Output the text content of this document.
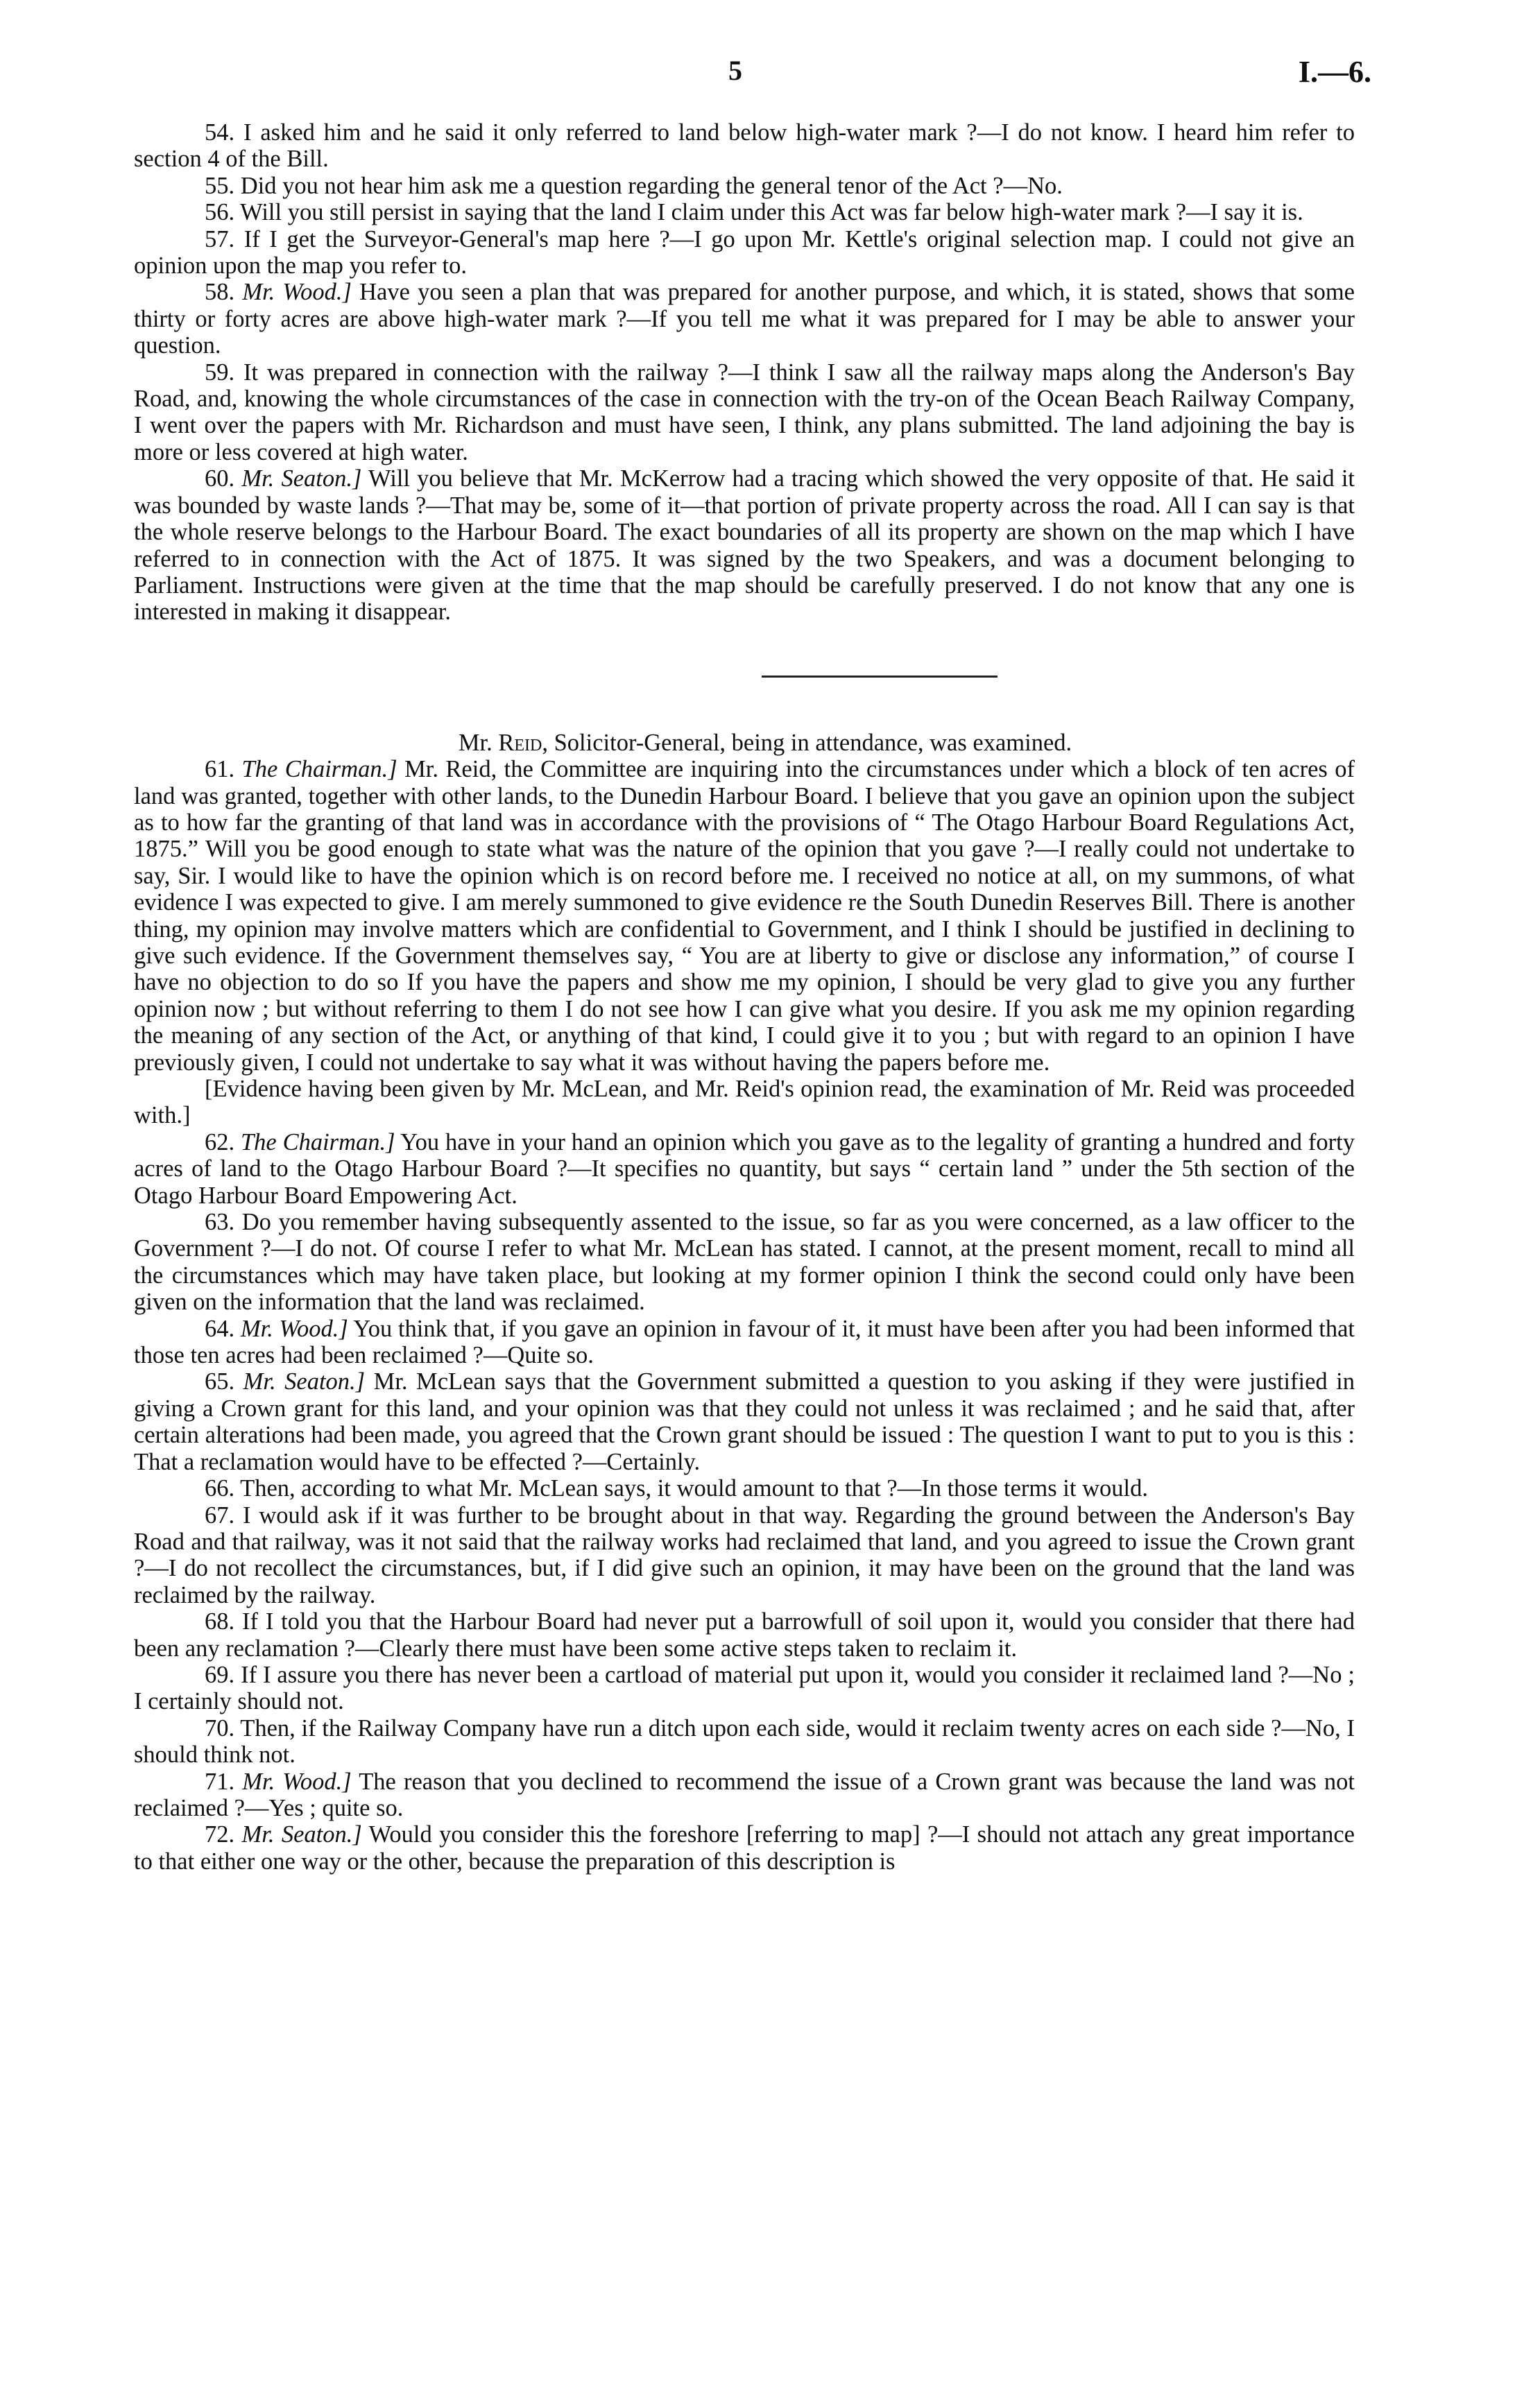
5	I.—6.

54. I asked him and he said it only referred to land below high-water mark ?—I do not know. I heard him refer to section 4 of the Bill.

55. Did you not hear him ask me a question regarding the general tenor of the Act ?—No.

56. Will you still persist in saying that the land I claim under this Act was far below high-water mark ?—I say it is.

57. If I get the Surveyor-General's map here ?—I go upon Mr. Kettle's original selection map. I could not give an opinion upon the map you refer to.

58. Mr. Wood.] Have you seen a plan that was prepared for another purpose, and which, it is stated, shows that some thirty or forty acres are above high-water mark ?—If you tell me what it was prepared for I may be able to answer your question.

59. It was prepared in connection with the railway ?—I think I saw all the railway maps along the Anderson's Bay Road, and, knowing the whole circumstances of the case in connection with the try-on of the Ocean Beach Railway Company, I went over the papers with Mr. Richardson and must have seen, I think, any plans submitted. The land adjoining the bay is more or less covered at high water.

60. Mr. Seaton.] Will you believe that Mr. McKerrow had a tracing which showed the very opposite of that. He said it was bounded by waste lands ?—That may be, some of it—that portion of private property across the road. All I can say is that the whole reserve belongs to the Harbour Board. The exact boundaries of all its property are shown on the map which I have referred to in connection with the Act of 1875. It was signed by the two Speakers, and was a document belonging to Parliament. Instructions were given at the time that the map should be carefully preserved. I do not know that any one is interested in making it disappear.

Mr. Reid, Solicitor-General, being in attendance, was examined.

61. The Chairman.] Mr. Reid, the Committee are inquiring into the circumstances under which a block of ten acres of land was granted, together with other lands, to the Dunedin Harbour Board. I believe that you gave an opinion upon the subject as to how far the granting of that land was in accordance with the provisions of “ The Otago Harbour Board Regulations Act, 1875.” Will you be good enough to state what was the nature of the opinion that you gave ?—I really could not undertake to say, Sir. I would like to have the opinion which is on record before me. I received no notice at all, on my summons, of what evidence I was expected to give. I am merely summoned to give evidence re the South Dunedin Reserves Bill. There is another thing, my opinion may involve matters which are confidential to Government, and I think I should be justified in declining to give such evidence. If the Government themselves say, “ You are at liberty to give or disclose any information,” of course I have no objection to do so If you have the papers and show me my opinion, I should be very glad to give you any further opinion now ; but without referring to them I do not see how I can give what you desire. If you ask me my opinion regarding the meaning of any section of the Act, or anything of that kind, I could give it to you ; but with regard to an opinion I have previously given, I could not undertake to say what it was without having the papers before me.

[Evidence having been given by Mr. McLean, and Mr. Reid's opinion read, the examination of Mr. Reid was proceeded with.]

62. The Chairman.] You have in your hand an opinion which you gave as to the legality of granting a hundred and forty acres of land to the Otago Harbour Board ?—It specifies no quantity, but says “ certain land ” under the 5th section of the Otago Harbour Board Empowering Act.

63. Do you remember having subsequently assented to the issue, so far as you were concerned, as a law officer to the Government ?—I do not. Of course I refer to what Mr. McLean has stated. I cannot, at the present moment, recall to mind all the circumstances which may have taken place, but looking at my former opinion I think the second could only have been given on the information that the land was reclaimed.

64. Mr. Wood.] You think that, if you gave an opinion in favour of it, it must have been after you had been informed that those ten acres had been reclaimed ?—Quite so.

65. Mr. Seaton.] Mr. McLean says that the Government submitted a question to you asking if they were justified in giving a Crown grant for this land, and your opinion was that they could not unless it was reclaimed ; and he said that, after certain alterations had been made, you agreed that the Crown grant should be issued : The question I want to put to you is this : That a reclamation would have to be effected ?—Certainly.

66. Then, according to what Mr. McLean says, it would amount to that ?—In those terms it would.

67. I would ask if it was further to be brought about in that way. Regarding the ground between the Anderson's Bay Road and that railway, was it not said that the railway works had reclaimed that land, and you agreed to issue the Crown grant ?—I do not recollect the circumstances, but, if I did give such an opinion, it may have been on the ground that the land was reclaimed by the railway.

68. If I told you that the Harbour Board had never put a barrowfull of soil upon it, would you consider that there had been any reclamation ?—Clearly there must have been some active steps taken to reclaim it.

69. If I assure you there has never been a cartload of material put upon it, would you consider it reclaimed land ?—No ; I certainly should not.

70. Then, if the Railway Company have run a ditch upon each side, would it reclaim twenty acres on each side ?—No, I should think not.

71. Mr. Wood.] The reason that you declined to recommend the issue of a Crown grant was because the land was not reclaimed ?—Yes ; quite so.

72. Mr. Seaton.] Would you consider this the foreshore [referring to map] ?—I should not attach any great importance to that either one way or the other, because the preparation of this description is
